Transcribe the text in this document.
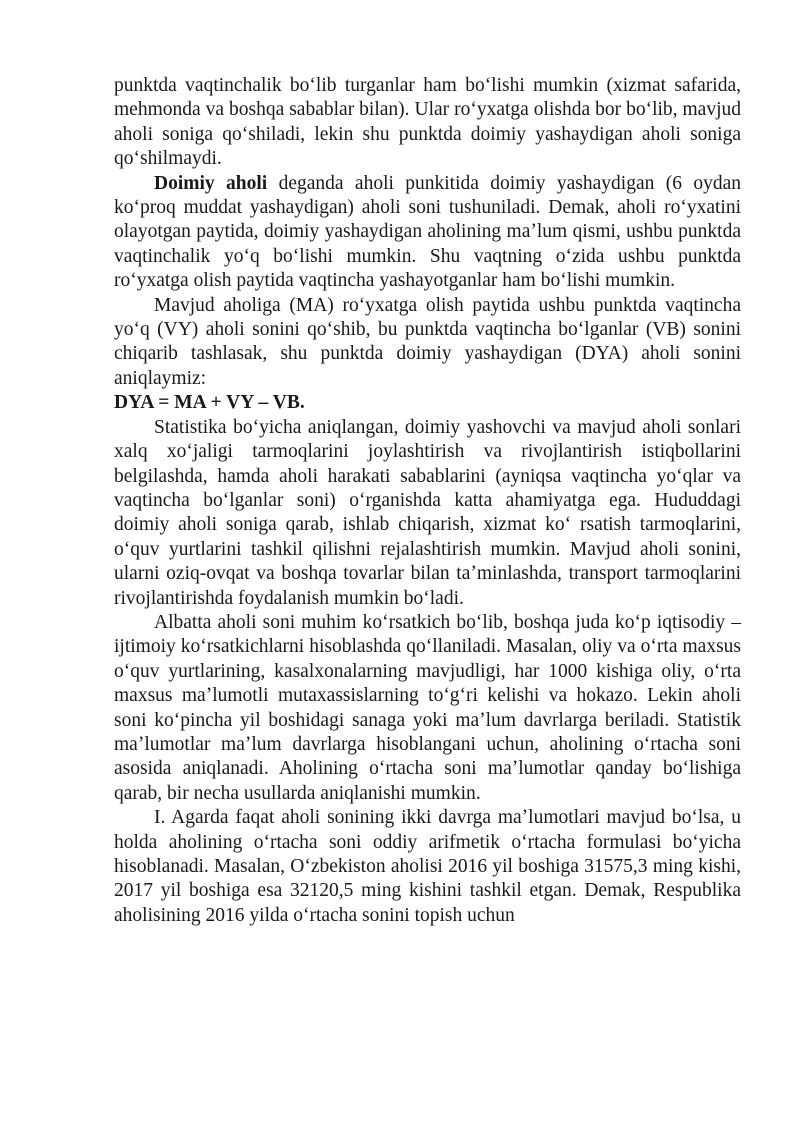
punktda vaqtinchalik boʻlib turganlar ham boʻlishi mumkin (xizmat safarida, mehmonda va boshqa sabablar bilan). Ular roʻyxatga olishda bor boʻlib, mavjud aholi soniga qoʻshiladi, lekin shu punktda doimiy yashaydigan aholi soniga qoʻshilmaydi.

Doimiy aholi deganda aholi punkitida doimiy yashaydigan (6 oydan koʻproq muddat yashaydigan) aholi soni tushuniladi. Demak, aholi roʻyxatini olayotgan paytida, doimiy yashaydigan aholining maʼlum qismi, ushbu punktda vaqtinchalik yoʻq boʻlishi mumkin. Shu vaqtning oʻzida ushbu punktda roʻyxatga olish paytida vaqtincha yashayotganlar ham boʻlishi mumkin.

Mavjud aholiga (MA) roʻyxatga olish paytida ushbu punktda vaqtincha yoʻq (VY) aholi sonini qoʻshib, bu punktda vaqtincha boʻlganlar (VB) sonini chiqarib tashlasak, shu punktda doimiy yashaydigan (DYA) aholi sonini aniqlaymiz:

DYA = MA + VY – VB.

Statistika boʻyicha aniqlangan, doimiy yashovchi va mavjud aholi sonlari xalq xoʻjaligi tarmoqlarini joylashtirish va rivojlantirish istiqbollarini belgilashda, hamda aholi harakati sabablarini (ayniqsa vaqtincha yoʻqlar va vaqtincha boʻlganlar soni) oʻrganishda katta ahamiyatga ega. Hududdagi doimiy aholi soniga qarab, ishlab chiqarish, xizmat koʻ rsatish tarmoqlarini, oʻquv yurtlarini tashkil qilishni rejalashtirish mumkin. Mavjud aholi sonini, ularni oziq-ovqat va boshqa tovarlar bilan taʼminlashda, transport tarmoqlarini rivojlantirishda foydalanish mumkin boʻladi.

Albatta aholi soni muhim koʻrsatkich boʻlib, boshqa juda koʻp iqtisodiy – ijtimoiy koʻrsatkichlarni hisoblashda qoʻllaniladi. Masalan, oliy va oʻrta maxsus oʻquv yurtlarining, kasalxonalarning mavjudligi, har 1000 kishiga oliy, oʻrta maxsus maʼlumotli mutaxassislarning toʻgʻri kelishi va hokazo. Lekin aholi soni koʻpincha yil boshidagi sanaga yoki maʼlum davrlarga beriladi. Statistik maʼlumotlar maʼlum davrlarga hisoblangani uchun, aholining oʻrtacha soni asosida aniqlanadi. Aholining oʻrtacha soni maʼlumotlar qanday boʻlishiga qarab, bir necha usullarda aniqlanishi mumkin.

I. Agarda faqat aholi sonining ikki davrga maʼlumotlari mavjud boʻlsa, u holda aholining oʻrtacha soni oddiy arifmetik oʻrtacha formulasi boʻyicha hisoblanadi. Masalan, Oʻzbekiston aholisi 2016 yil boshiga 31575,3 ming kishi, 2017 yil boshiga esa 32120,5 ming kishini tashkil etgan. Demak, Respublika aholisining 2016 yilda oʻrtacha sonini topish uchun
